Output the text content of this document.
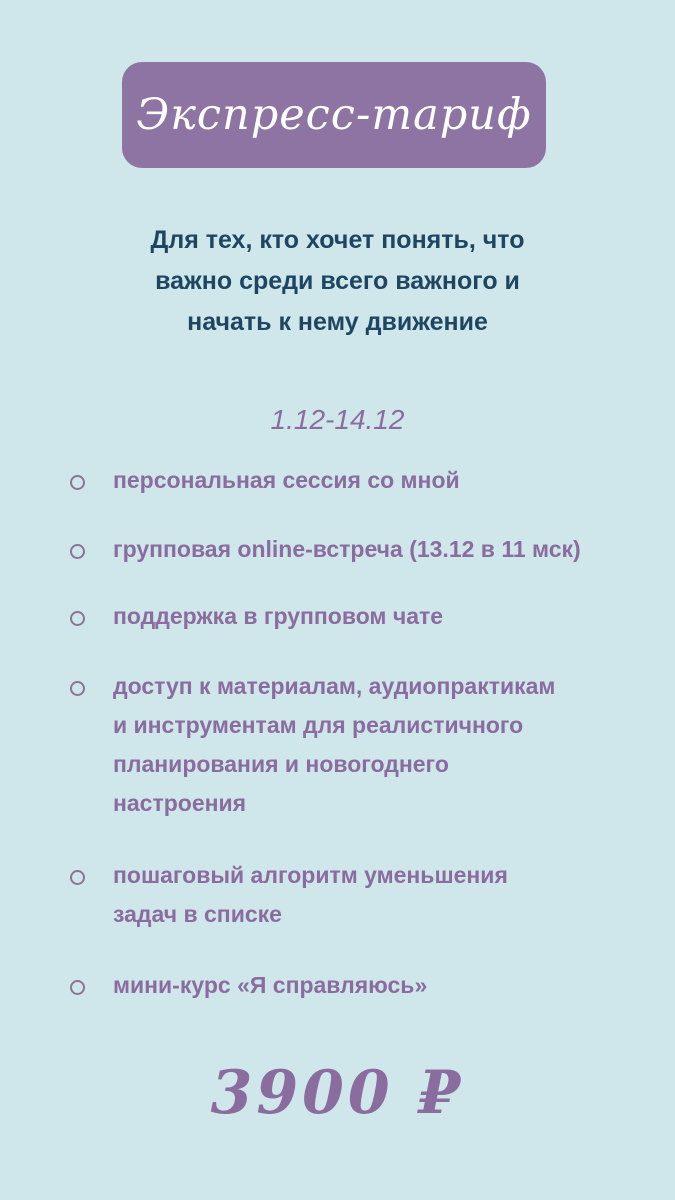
Экспресс-тариф
Для тех, кто хочет понять, что
важно среди всего важного и
начать к нему движение
1.12-14.12
персональная сессия со мной
групповая online-встреча (13.12 в 11 мск)
поддержка в групповом чате
доступ к материалам, аудиопрактикам
и инструментам для реалистичного
планирования и новогоднего
настроения
пошаговый алгоритм уменьшения
задач в списке
мини-курс «Я справляюсь»
3900 ₽
